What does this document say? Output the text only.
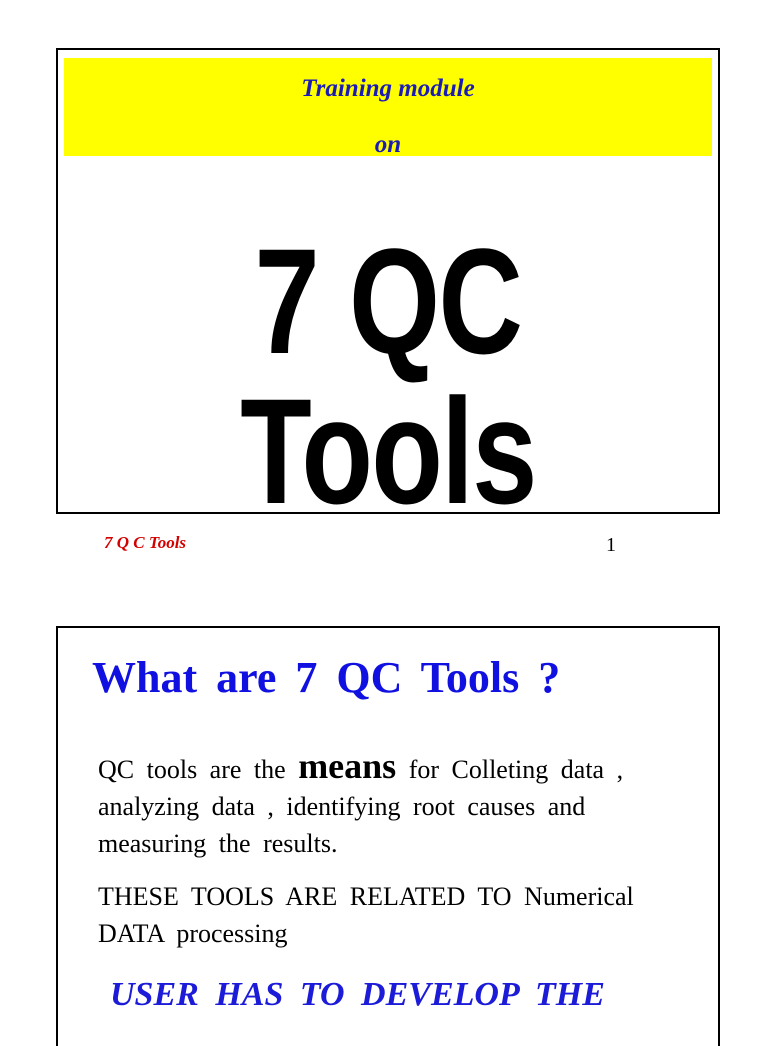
Training module
on
7 QC Tools
7 Q C Tools	1
What are 7 QC Tools ?
QC tools are the means for Colleting data , analyzing data , identifying root causes and measuring the results.
THESE TOOLS ARE RELATED TO Numerical DATA processing
USER HAS TO DEVELOP THE
